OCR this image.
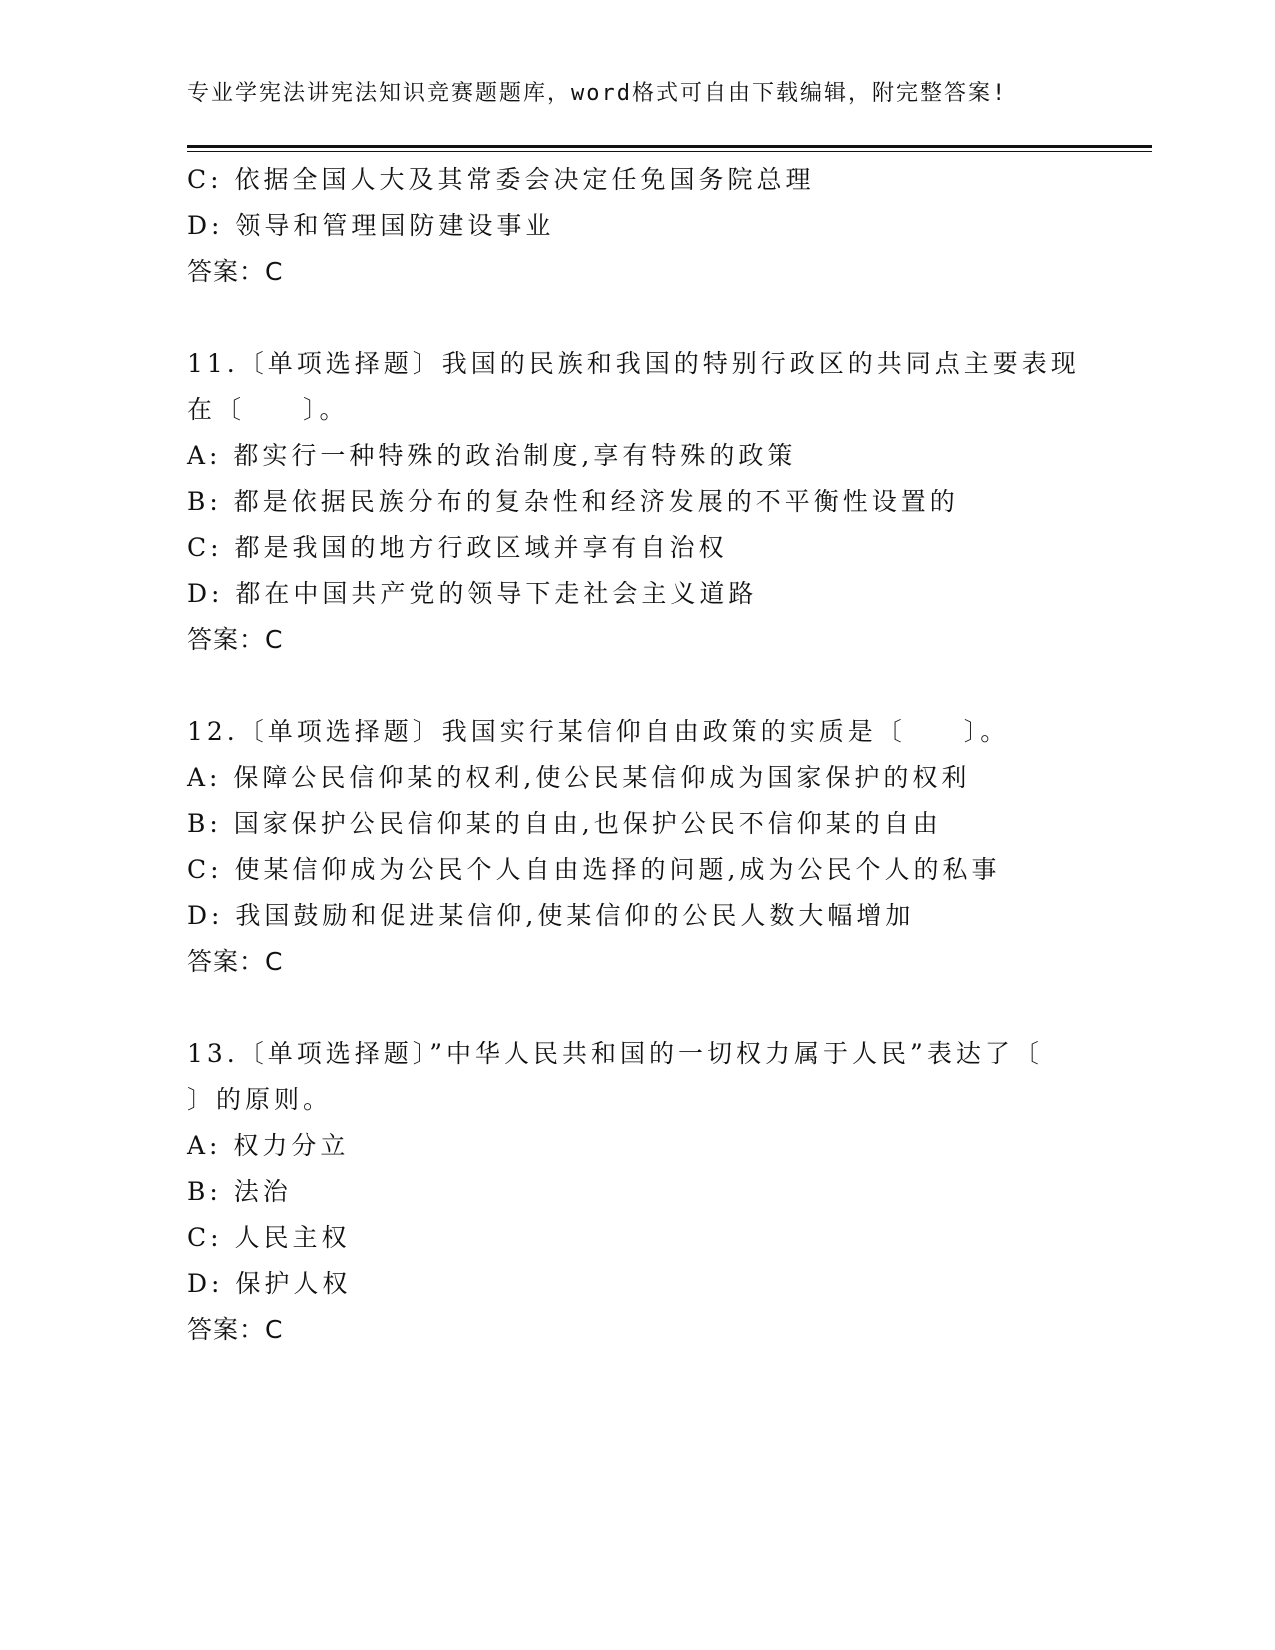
专业学宪法讲宪法知识竞赛题题库，word格式可自由下载编辑，附完整答案!
C: 依据全国人大及其常委会决定任免国务院总理
D: 领导和管理国防建设事业
答案：C
11.〔单项选择题〕我国的民族和我国的特别行政区的共同点主要表现
在〔　　〕。
A: 都实行一种特殊的政治制度,享有特殊的政策
B: 都是依据民族分布的复杂性和经济发展的不平衡性设置的
C: 都是我国的地方行政区域并享有自治权
D: 都在中国共产党的领导下走社会主义道路
答案：C
12.〔单项选择题〕我国实行某信仰自由政策的实质是〔　　〕。
A: 保障公民信仰某的权利,使公民某信仰成为国家保护的权利
B: 国家保护公民信仰某的自由,也保护公民不信仰某的自由
C: 使某信仰成为公民个人自由选择的问题,成为公民个人的私事
D: 我国鼓励和促进某信仰,使某信仰的公民人数大幅增加
答案：C
13.〔单项选择题〕”中华人民共和国的一切权力属于人民”表达了〔
〕的原则。
A: 权力分立
B: 法治
C: 人民主权
D: 保护人权
答案：C
